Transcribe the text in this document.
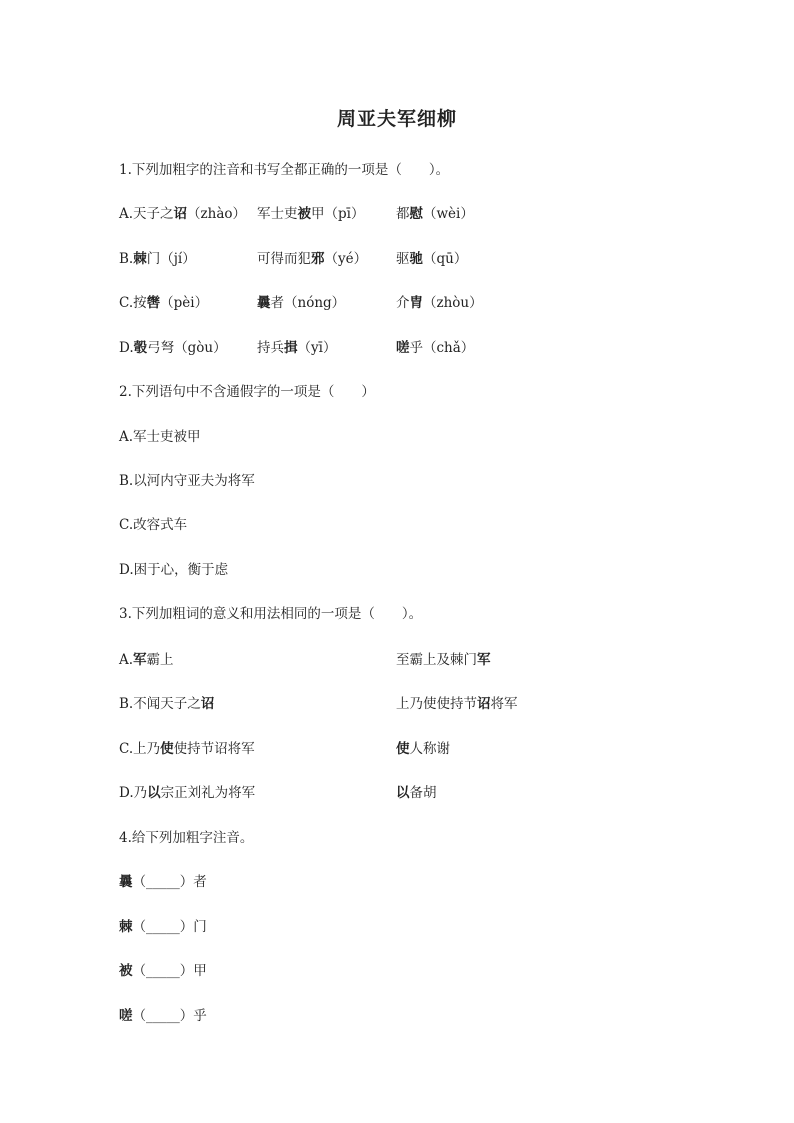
周亚夫军细柳
1.下列加粗字的注音和书写全都正确的一项是（　　）。
A.天子之诏（zhào） 军士吏被甲（pī） 都慰（wèi）
B.棘门（jí）	可得而犯邪（yé） 驱驰（qū）
C.按辔（pèi）	曩者（nóng）	介胄（zhòu）
D.彀弓弩（gòu） 持兵揖（yī）	嗟乎（chǎ）
2.下列语句中不含通假字的一项是（　　）
A.军士吏被甲
B.以河内守亚夫为将军
C.改容式车
D.困于心，衡于虑
3.下列加粗词的意义和用法相同的一项是（　　）。
A.军霸上	至霸上及棘门军
B.不闻天子之诏	上乃使使持节诏将军
C.上乃使使持节诏将军	使人称谢
D.乃以宗正刘礼为将军	以备胡
4.给下列加粗字注音。
曩（_____）者
棘（_____）门
被（_____）甲
嗟（_____）乎
